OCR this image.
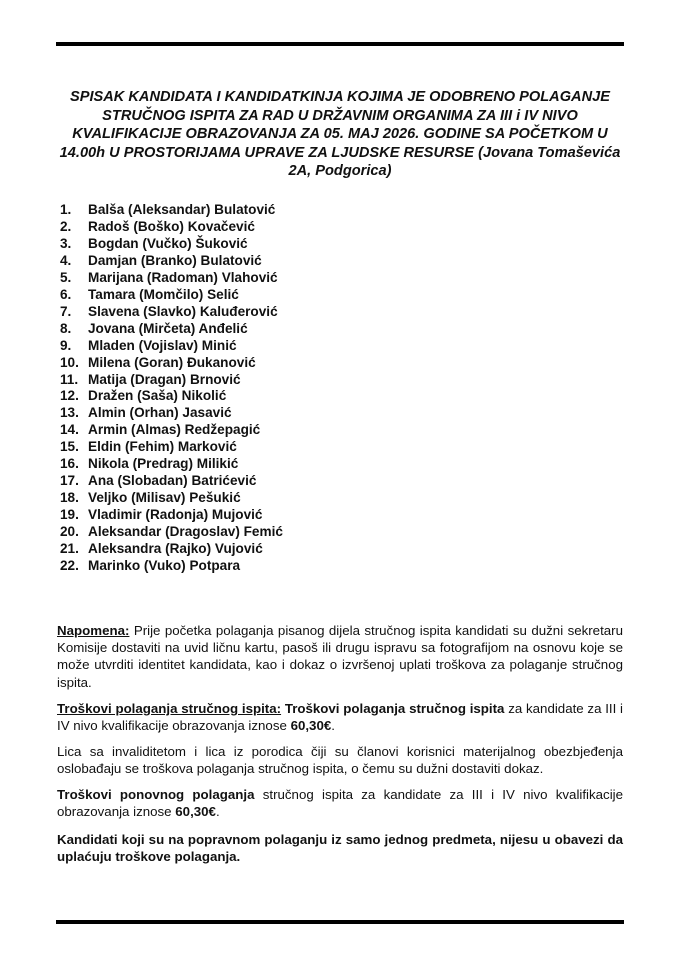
SPISAK KANDIDATA I KANDIDATKINJA KOJIMA JE ODOBRENO POLAGANJE STRUČNOG ISPITA ZA RAD U DRŽAVNIM ORGANIMA ZA III i IV NIVO KVALIFIKACIJE OBRAZOVANJA ZA 05. MAJ 2026. GODINE SA POČETKOM U 14.00h U PROSTORIJAMA UPRAVE ZA LJUDSKE RESURSE (Jovana Tomaševića 2A, Podgorica)
1.	Balša (Aleksandar) Bulatović
2.	Radoš (Boško) Kovačević
3.	Bogdan (Vučko) Šuković
4.	Damjan (Branko) Bulatović
5.	Marijana (Radoman) Vlahović
6.	Tamara (Momčilo) Selić
7.	Slavena (Slavko) Kaluđerović
8.	Jovana (Mirčeta) Anđelić
9.	Mladen (Vojislav) Minić
10. Milena (Goran) Đukanović
11. Matija (Dragan) Brnović
12. Dražen (Saša) Nikolić
13. Almin (Orhan) Jasavić
14. Armin (Almas) Redžepagić
15. Eldin (Fehim) Marković
16. Nikola (Predrag) Milikić
17. Ana (Slobadan) Batrićević
18. Veljko (Milisav) Pešukić
19. Vladimir (Radonja) Mujović
20. Aleksandar (Dragoslav) Femić
21. Aleksandra (Rajko) Vujović
22. Marinko (Vuko) Potpara

Napomena: Prije početka polaganja pisanog dijela stručnog ispita kandidati su dužni sekretaru Komisije dostaviti na uvid ličnu kartu, pasoš ili drugu ispravu sa fotografijom na osnovu koje se može utvrditi identitet kandidata, kao i dokaz o izvršenoj uplati troškova za polaganje stručnog ispita.

Troškovi polaganja stručnog ispita: Troškovi polaganja stručnog ispita za kandidate za III i IV nivo kvalifikacije obrazovanja iznose 60,30€.

Lica sa invaliditetom i lica iz porodica čiji su članovi korisnici materijalnog obezbjeđenja oslobađaju se troškova polaganja stručnog ispita, o čemu su dužni dostaviti dokaz.

Troškovi ponovnog polaganja stručnog ispita za kandidate za III i IV nivo kvalifikacije obrazovanja iznose 60,30€.

Kandidati koji su na popravnom polaganju iz samo jednog predmeta, nijesu u obavezi da uplaćuju troškove polaganja.
